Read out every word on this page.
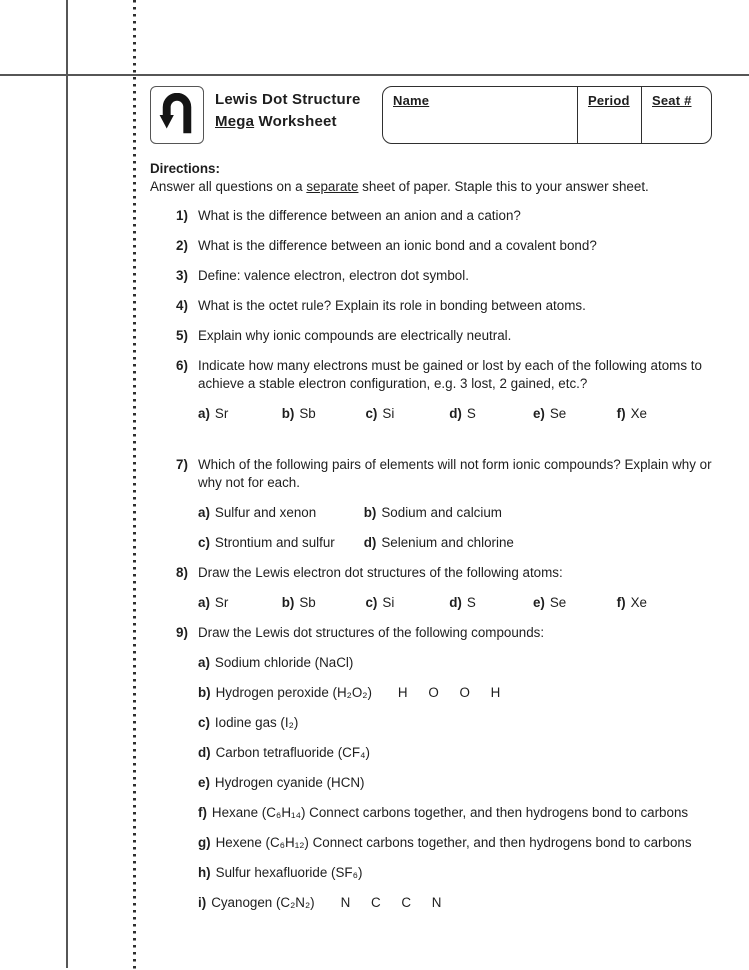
Lewis Dot Structure
Mega Worksheet
Name	Period	Seat #
Directions:
Answer all questions on a separate sheet of paper. Staple this to your answer sheet.
1) What is the difference between an anion and a cation?
2) What is the difference between an ionic bond and a covalent bond?
3) Define: valence electron, electron dot symbol.
4) What is the octet rule? Explain its role in bonding between atoms.
5) Explain why ionic compounds are electrically neutral.
6) Indicate how many electrons must be gained or lost by each of the following atoms to achieve a stable electron configuration, e.g. 3 lost, 2 gained, etc.?
a) Sr	b) Sb	c) Si	d) S	e) Se	f) Xe
7) Which of the following pairs of elements will not form ionic compounds? Explain why or why not for each.
a) Sulfur and xenon	b) Sodium and calcium
c) Strontium and sulfur d) Selenium and chlorine
8) Draw the Lewis electron dot structures of the following atoms:
a) Sr	b) Sb	c) Si	d) S	e) Se	f) Xe
9) Draw the Lewis dot structures of the following compounds:
a) Sodium chloride (NaCl)
b) Hydrogen peroxide (H₂O₂) H O O H
c) Iodine gas (I₂)
d) Carbon tetrafluoride (CF₄)
e) Hydrogen cyanide (HCN)
f) Hexane (C₆H₁₄) Connect carbons together, and then hydrogens bond to carbons
g) Hexene (C₆H₁₂) Connect carbons together, and then hydrogens bond to carbons
h) Sulfur hexafluoride (SF₆)
i) Cyanogen (C₂N₂) N C C N
